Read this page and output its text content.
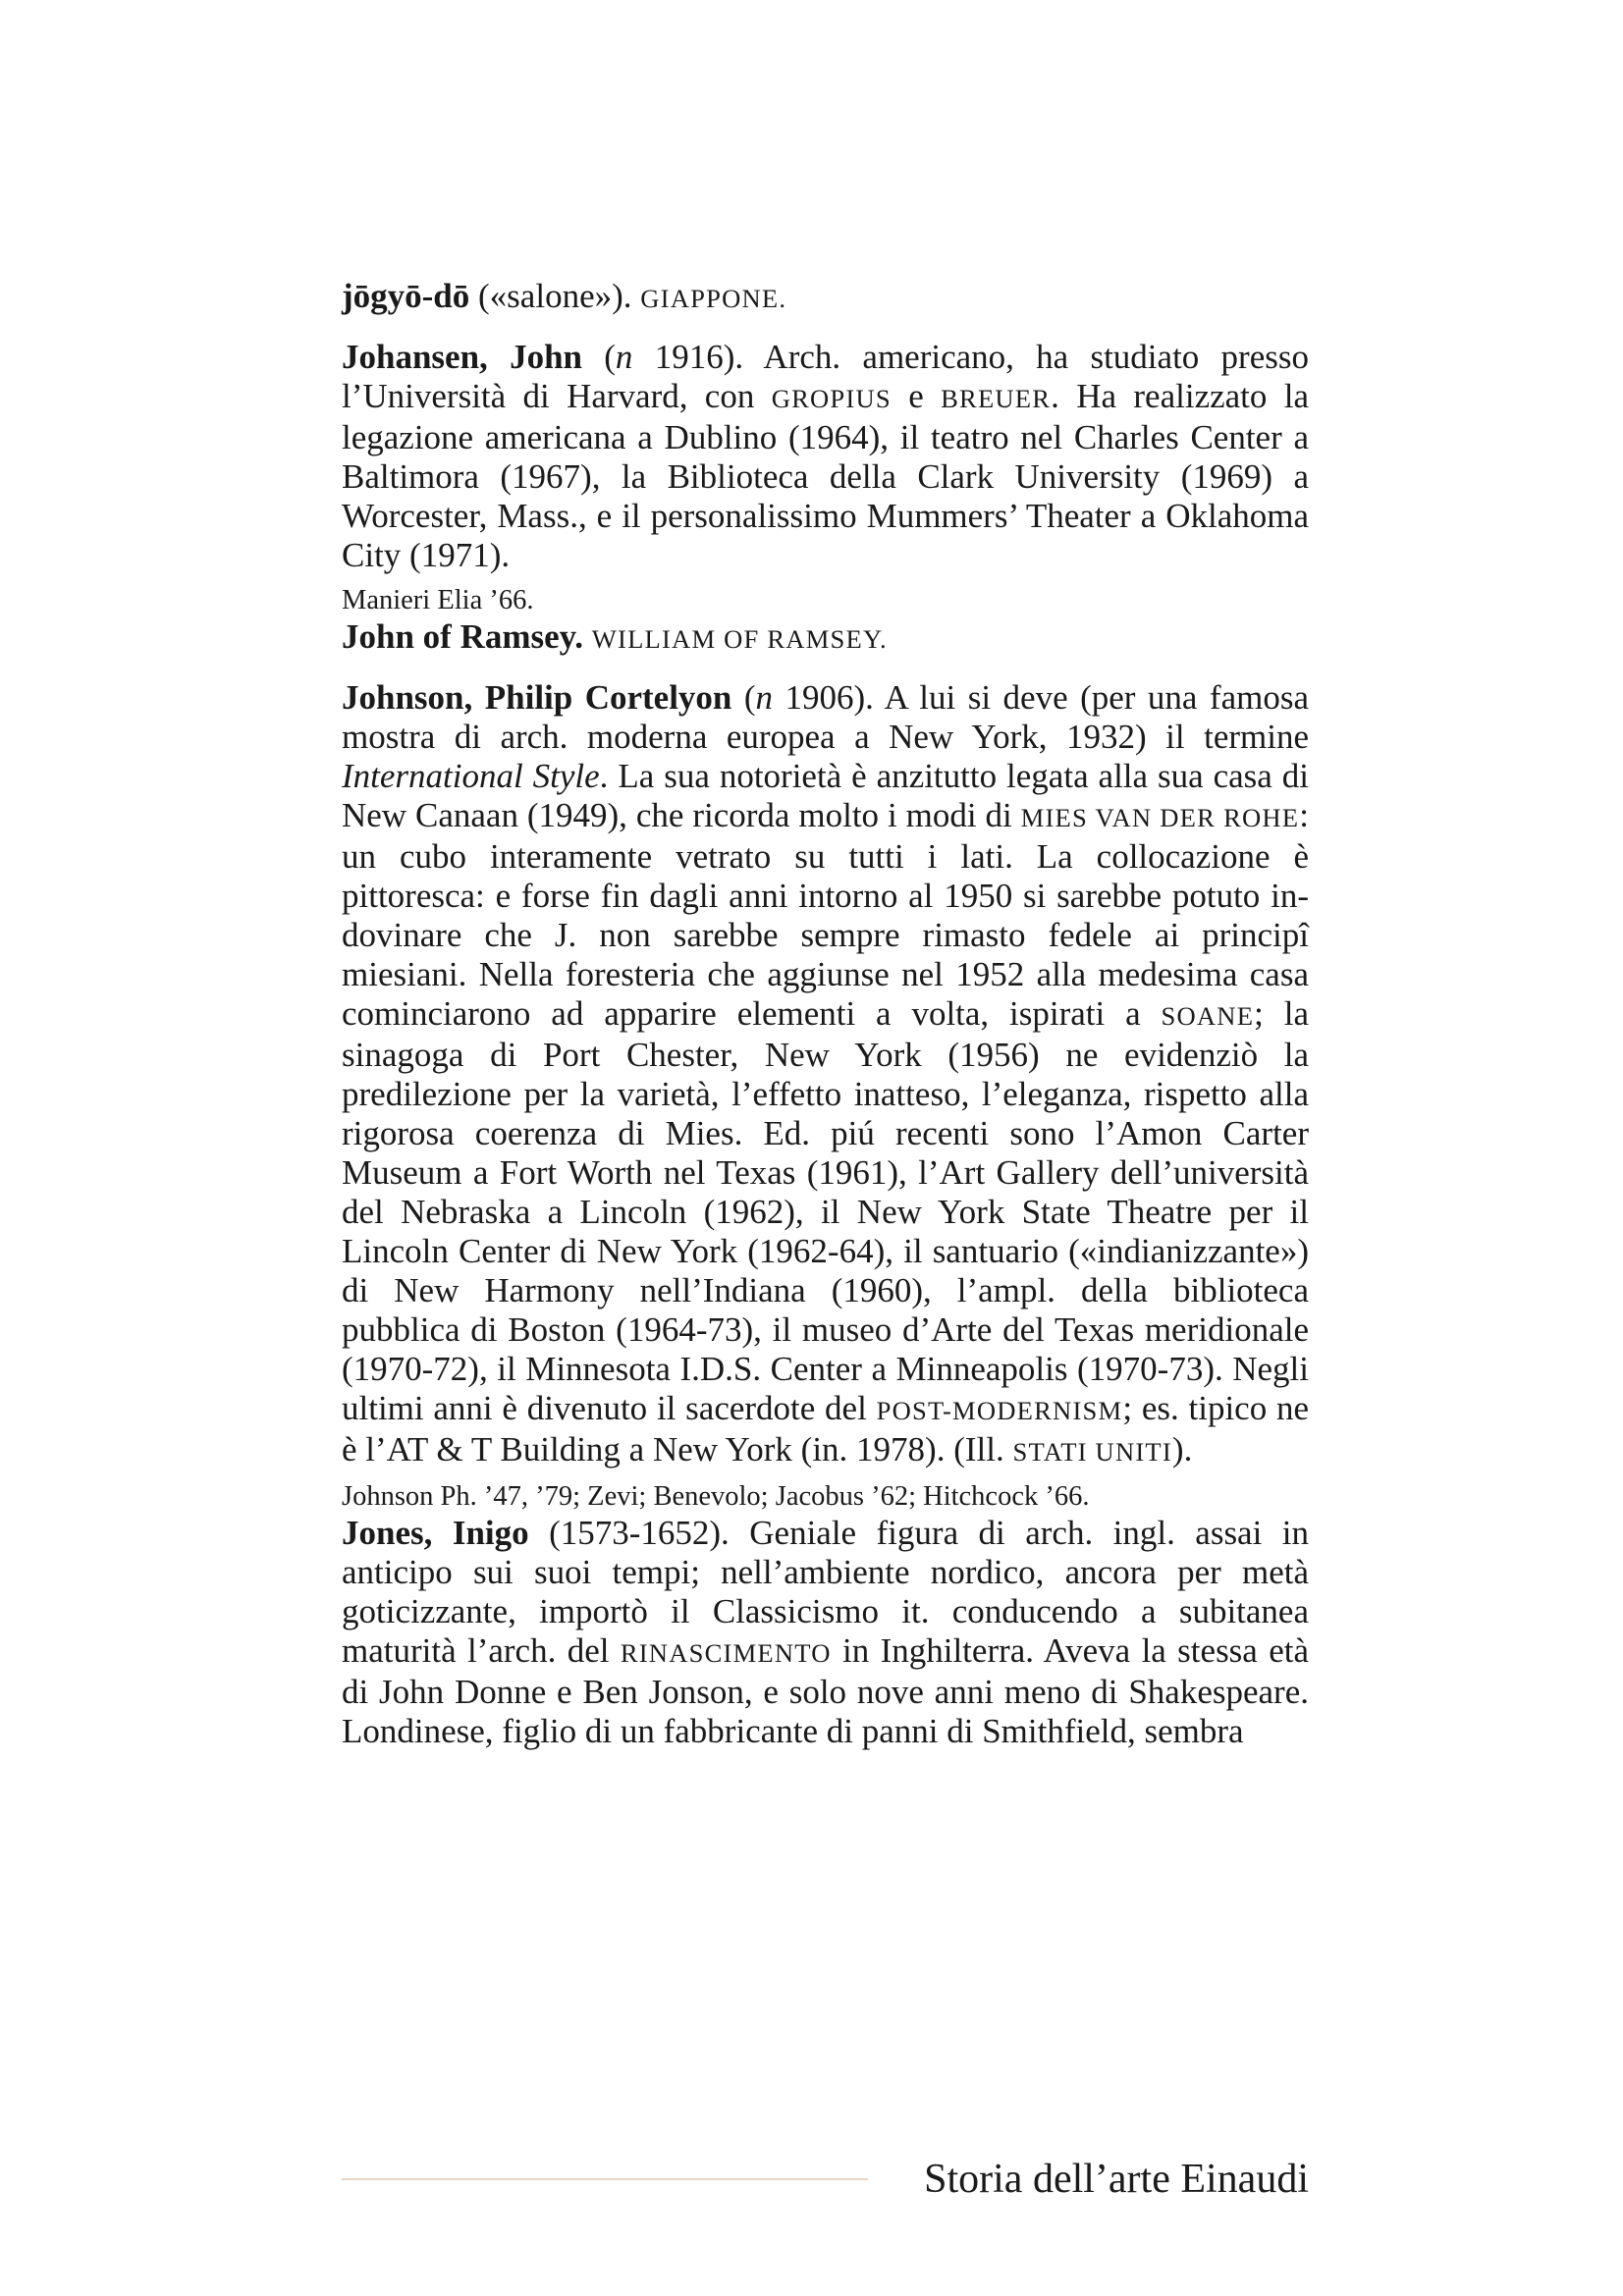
jōgyō-dō («salone»). GIAPPONE.

Johansen, John (n 1916). Arch. americano, ha studiato presso l’Università di Harvard, con GROPIUS e BREUER. Ha realizzato la legazione americana a Dublino (1964), il teatro nel Charles Center a Baltimora (1967), la Biblioteca della Clark University (1969) a Worcester, Mass., e il personalissimo Mummers’ Theater a Oklahoma City (1971).

Manieri Elia ’66.

John of Ramsey. WILLIAM OF RAMSEY.

Johnson, Philip Cortelyon (n 1906). A lui si deve (per una famosa mostra di arch. moderna europea a New York, 1932) il termine International Style. La sua notorietà è anzitutto legata alla sua casa di New Canaan (1949), che ricorda molto i modi di MIES VAN DER ROHE: un cubo interamente vetrato su tutti i lati. La collocazione è pittoresca: e forse fin dagli anni intorno al 1950 si sarebbe potuto indovinare che J. non sarebbe sempre rimasto fedele ai principî miesiani. Nella foresteria che aggiunse nel 1952 alla medesima casa cominciarono ad apparire elementi a volta, ispirati a SOANE; la sinagoga di Port Chester, New York (1956) ne evidenziò la predilezione per la varietà, l’effetto inatteso, l’eleganza, rispetto alla rigorosa coerenza di Mies. Ed. piú recenti sono l’Amon Carter Museum a Fort Worth nel Texas (1961), l’Art Gallery dell’università del Nebraska a Lincoln (1962), il New York State Theatre per il Lincoln Center di New York (1962-64), il santuario («indianizzante») di New Harmony nell’Indiana (1960), l’ampl. della biblioteca pubblica di Boston (1964-73), il museo d’Arte del Texas meridionale (1970-72), il Minnesota I.D.S. Center a Minneapolis (1970-73). Negli ultimi anni è divenuto il sacerdote del POST-MODERNISM; es. tipico ne è l’AT & T Building a New York (in. 1978). (Ill. STATI UNITI).

Johnson Ph. ’47, ’79; Zevi; Benevolo; Jacobus ’62; Hitchcock ’66.

Jones, Inigo (1573-1652). Geniale figura di arch. ingl. assai in anticipo sui suoi tempi; nell’ambiente nordico, ancora per metà goticizzante, importò il Classicismo it. conducendo a subitanea maturità l’arch. del RINASCIMENTO in Inghilterra. Aveva la stessa età di John Donne e Ben Jonson, e solo nove anni meno di Shakespeare. Londinese, figlio di un fabbricante di panni di Smithfield, sembra

Storia dell’arte Einaudi
